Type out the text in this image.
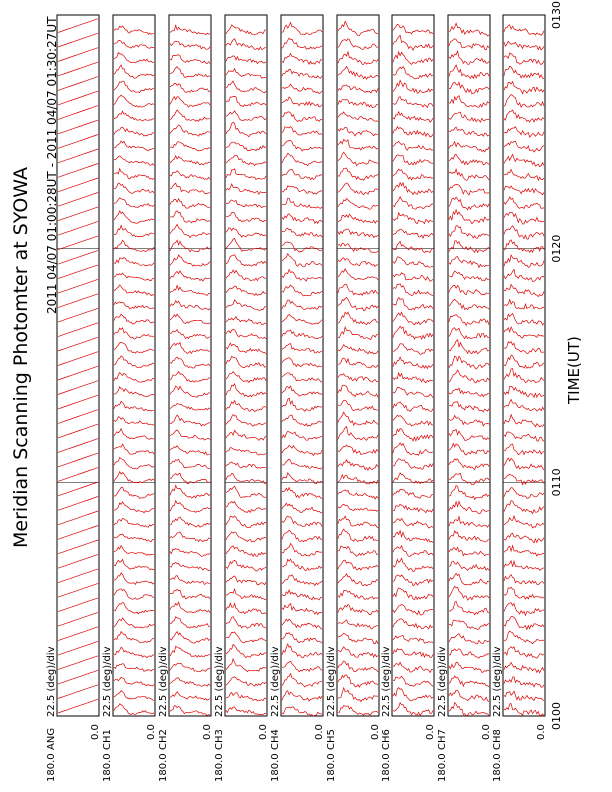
Meridian Scanning Photomter at SYOWA
2011 04/07 01:00:28UT - 2011 04/07 01:30:27UT
TIME(UT)
22.5 (deg)/div
180.0
ANG	0.0
22.5 (deg)/div
180.0
CH1	0.0
22.5 (deg)/div
180.0
CH2	0.0
22.5 (deg)/div
180.0
CH3	0.0
22.5 (deg)/div
180.0
CH4	0.0
22.5 (deg)/div
180.0
CH5	0.0
22.5 (deg)/div
180.0
CH6	0.0
22.5 (deg)/div
180.0
CH7	0.0
22.5 (deg)/div
180.0
CH8	0.0
0100
0110
0120
0130
